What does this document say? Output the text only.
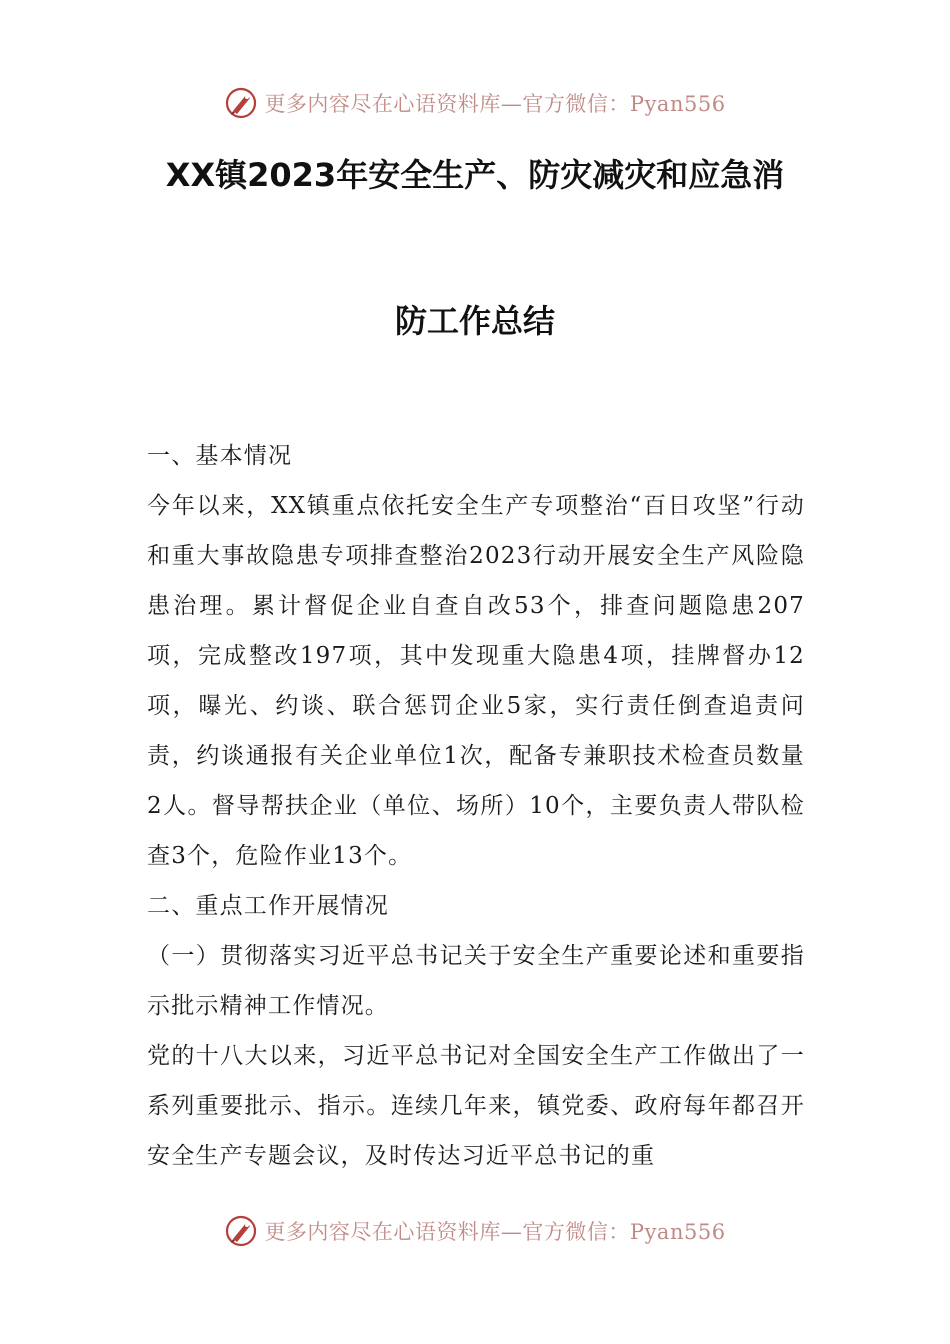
更多内容尽在心语资料库—官方微信：Pyan556
XX镇2023年安全生产、防灾减灾和应急消
防工作总结

一、基本情况

今年以来，XX镇重点依托安全生产专项整治“百日攻坚”行动和重大事故隐患专项排查整治2023行动开展安全生产风险隐患治理。累计督促企业自查自改53个，排查问题隐患207项，完成整改197项，其中发现重大隐患4项，挂牌督办12项，曝光、约谈、联合惩罚企业5家，实行责任倒查追责问责，约谈通报有关企业单位1次，配备专兼职技术检查员数量2人。督导帮扶企业（单位、场所）10个，主要负责人带队检查3个，危险作业13个。

二、重点工作开展情况

（一）贯彻落实习近平总书记关于安全生产重要论述和重要指示批示精神工作情况。

党的十八大以来，习近平总书记对全国安全生产工作做出了一系列重要批示、指示。连续几年来，镇党委、政府每年都召开安全生产专题会议，及时传达习近平总书记的重

更多内容尽在心语资料库—官方微信：Pyan556
